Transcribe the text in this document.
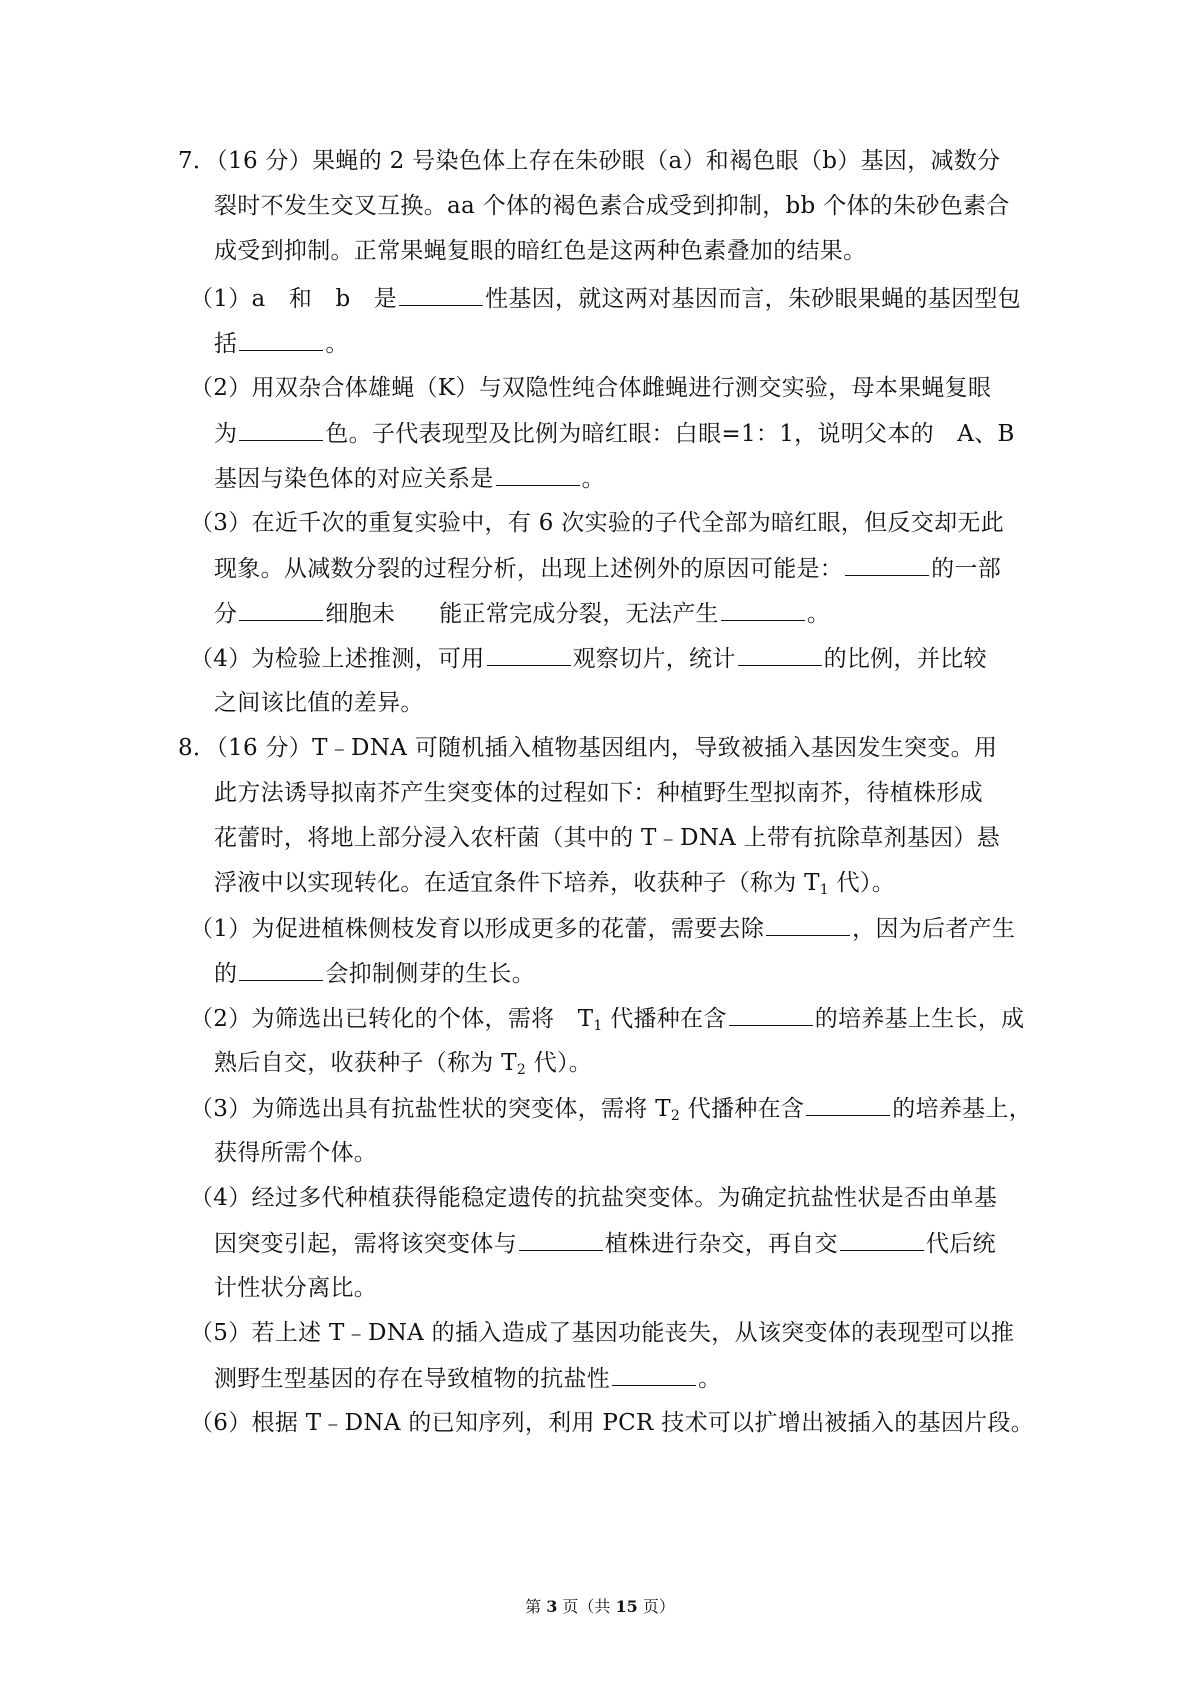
7．（16 分）果蝇的 2 号染色体上存在朱砂眼（a）和褐色眼（b）基因，减数分
裂时不发生交叉互换。aa 个体的褐色素合成受到抑制，bb 个体的朱砂色素合
成受到抑制。正常果蝇复眼的暗红色是这两种色素叠加的结果。
（1）a　和　b　是	性基因，就这两对基因而言，朱砂眼果蝇的基因型包
括	。
（2）用双杂合体雄蝇（K）与双隐性纯合体雌蝇进行测交实验，母本果蝇复眼
为	色。子代表现型及比例为暗红眼：白眼=1：1，说明父本的　A、B
基因与染色体的对应关系是	。
（3）在近千次的重复实验中，有 6 次实验的子代全部为暗红眼，但反交却无此
现象。从减数分裂的过程分析，出现上述例外的原因可能是：	的一部
分	细胞未 能正常完成分裂，无法产生	。
（4）为检验上述推测，可用	观察切片，统计	的比例，并比较
之间该比值的差异。
8．（16 分）T﹣DNA 可随机插入植物基因组内，导致被插入基因发生突变。用
此方法诱导拟南芥产生突变体的过程如下：种植野生型拟南芥，待植株形成
花蕾时，将地上部分浸入农杆菌（其中的 T﹣DNA 上带有抗除草剂基因）悬
浮液中以实现转化。在适宜条件下培养，收获种子（称为 $T_1$ 代）。
（1）为促进植株侧枝发育以形成更多的花蕾，需要去除	，因为后者产生
的	会抑制侧芽的生长。
（2）为筛选出已转化的个体，需将　$T_1$ 代播种在含	的培养基上生长，成
熟后自交，收获种子（称为 $T_2$ 代）。
（3）为筛选出具有抗盐性状的突变体，需将 $T_2$ 代播种在含	的培养基上，
获得所需个体。
（4）经过多代种植获得能稳定遗传的抗盐突变体。为确定抗盐性状是否由单基
因突变引起，需将该突变体与	植株进行杂交，再自交	代后统
计性状分离比。
（5）若上述 T﹣DNA 的插入造成了基因功能丧失，从该突变体的表现型可以推
测野生型基因的存在导致植物的抗盐性	。
（6）根据 T﹣DNA 的已知序列，利用 PCR 技术可以扩增出被插入的基因片段。
第 3 页（共 15 页）
